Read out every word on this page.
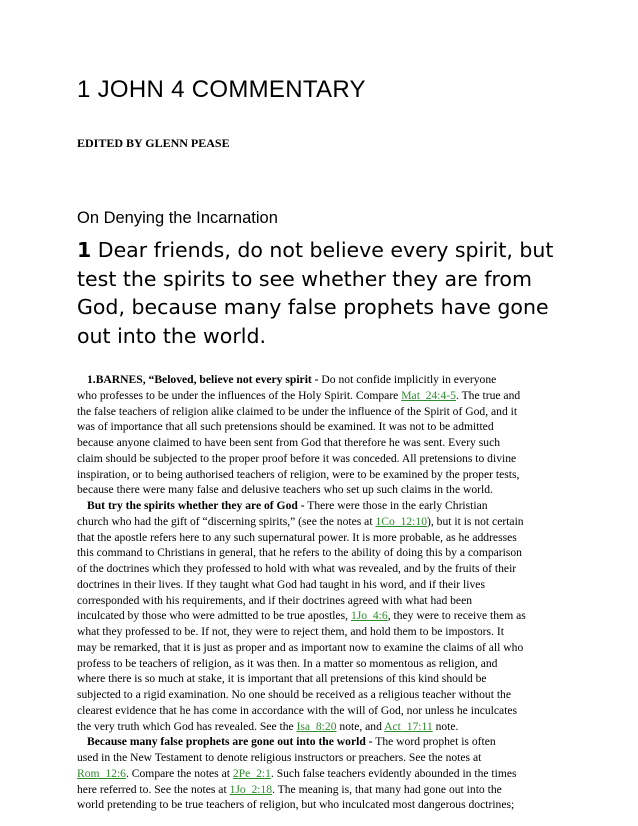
1 JOHN 4 COMMENTARY
EDITED BY GLENN PEASE
On Denying the Incarnation
1 Dear friends, do not believe every spirit, but
test the spirits to see whether they are from
God, because many false prophets have gone
out into the world.
1.BARNES, “Beloved, believe not every spirit - Do not confide implicitly in everyone
who professes to be under the influences of the Holy Spirit. Compare Mat_24:4-5. The true and
the false teachers of religion alike claimed to be under the influence of the Spirit of God, and it
was of importance that all such pretensions should be examined. It was not to be admitted
because anyone claimed to have been sent from God that therefore he was sent. Every such
claim should be subjected to the proper proof before it was conceded. All pretensions to divine
inspiration, or to being authorised teachers of religion, were to be examined by the proper tests,
because there were many false and delusive teachers who set up such claims in the world.
But try the spirits whether they are of God - There were those in the early Christian
church who had the gift of “discerning spirits,” (see the notes at 1Co_12:10), but it is not certain
that the apostle refers here to any such supernatural power. It is more probable, as he addresses
this command to Christians in general, that he refers to the ability of doing this by a comparison
of the doctrines which they professed to hold with what was revealed, and by the fruits of their
doctrines in their lives. If they taught what God had taught in his word, and if their lives
corresponded with his requirements, and if their doctrines agreed with what had been
inculcated by those who were admitted to be true apostles, 1Jo_4:6, they were to receive them as
what they professed to be. If not, they were to reject them, and hold them to be impostors. It
may be remarked, that it is just as proper and as important now to examine the claims of all who
profess to be teachers of religion, as it was then. In a matter so momentous as religion, and
where there is so much at stake, it is important that all pretensions of this kind should be
subjected to a rigid examination. No one should be received as a religious teacher without the
clearest evidence that he has come in accordance with the will of God, nor unless he inculcates
the very truth which God has revealed. See the Isa_8:20 note, and Act_17:11 note.
Because many false prophets are gone out into the world - The word prophet is often
used in the New Testament to denote religious instructors or preachers. See the notes at
Rom_12:6. Compare the notes at 2Pe_2:1. Such false teachers evidently abounded in the times
here referred to. See the notes at 1Jo_2:18. The meaning is, that many had gone out into the
world pretending to be true teachers of religion, but who inculcated most dangerous doctrines;
